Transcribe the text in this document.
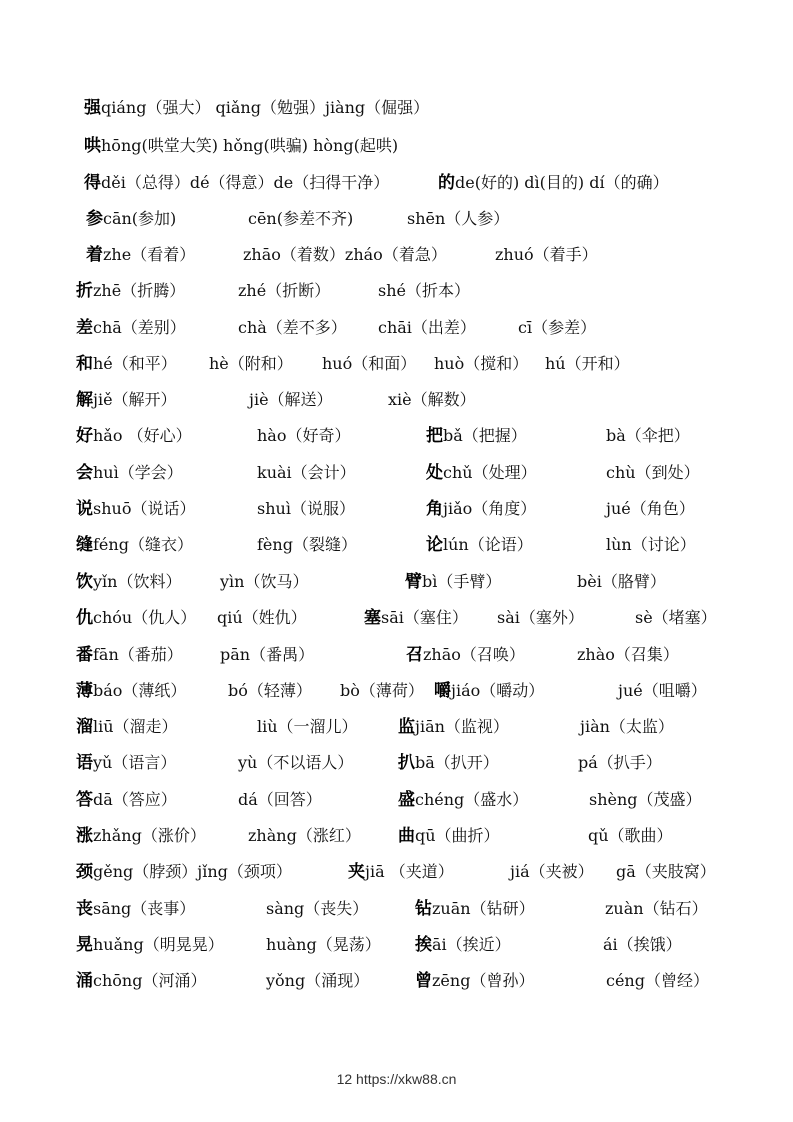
强qiáng（强大） qiǎng（勉强）jiàng（倔强）
哄hōng(哄堂大笑) hǒng(哄骗) hòng(起哄)
得děi（总得）dé（得意）de（扫得干净）	的de(好的) dì(目的) dí（的确）
参cān(参加)	cēn(参差不齐)	shēn（人参）
着zhe（看着）	zhāo（着数）zháo（着急）	zhuó（着手）
折zhē（折腾）	zhé（折断）	shé（折本）
差chā（差别）	chà（差不多） chāi（出差）	cī（参差）
和hé（和平） hè（附和） huó（和面） huò（搅和） hú（开和）
解jiě（解开）	jiè（解送）	xiè（解数）
好hǎo （好心）	hào（好奇）	把bǎ（把握）	bà（伞把）
会huì（学会）	kuài（会计）	处chǔ（处理）	chù（到处）
说shuō（说话）	shuì（说服）	角jiǎo（角度）	jué（角色）
缝féng（缝衣）	fèng（裂缝）	论lún（论语）	lùn（讨论）
饮yǐn（饮料） yìn（饮马）	臂bì（手臂）	bèi（胳臂）
仇chóu（仇人） qiú（姓仇）	塞sāi（塞住） sài（塞外）	sè（堵塞）
番fān（番茄） pān（番禺）	召zhāo（召唤）	zhào（召集）
薄báo（薄纸）	bó（轻薄） bò（薄荷） 嚼jiáo（嚼动）	jué（咀嚼）
溜liū（溜走）	liù（一溜儿） 监jiān（监视）	jiàn（太监）
语yǔ（语言）	yù（不以语人）	扒bā（扒开）	pá（扒手）
答dā（答应）	dá（回答）	盛chéng（盛水）	shèng（茂盛）
涨zhǎng（涨价）	zhàng（涨红） 曲qū（曲折）	qǔ（歌曲）
颈gěng（脖颈）jǐng（颈项）	夹jiā （夹道）	jiá（夹被） gā（夹肢窝）
丧sāng（丧事）	sàng（丧失）	钻zuān（钻研）	zuàn（钻石）
晃huǎng（明晃晃）	huàng（晃荡） 挨āi（挨近）	ái（挨饿）
涌chōng（河涌）	yǒng（涌现）	曾zēng（曾孙）	céng（曾经）
12 https://xkw88.cn
